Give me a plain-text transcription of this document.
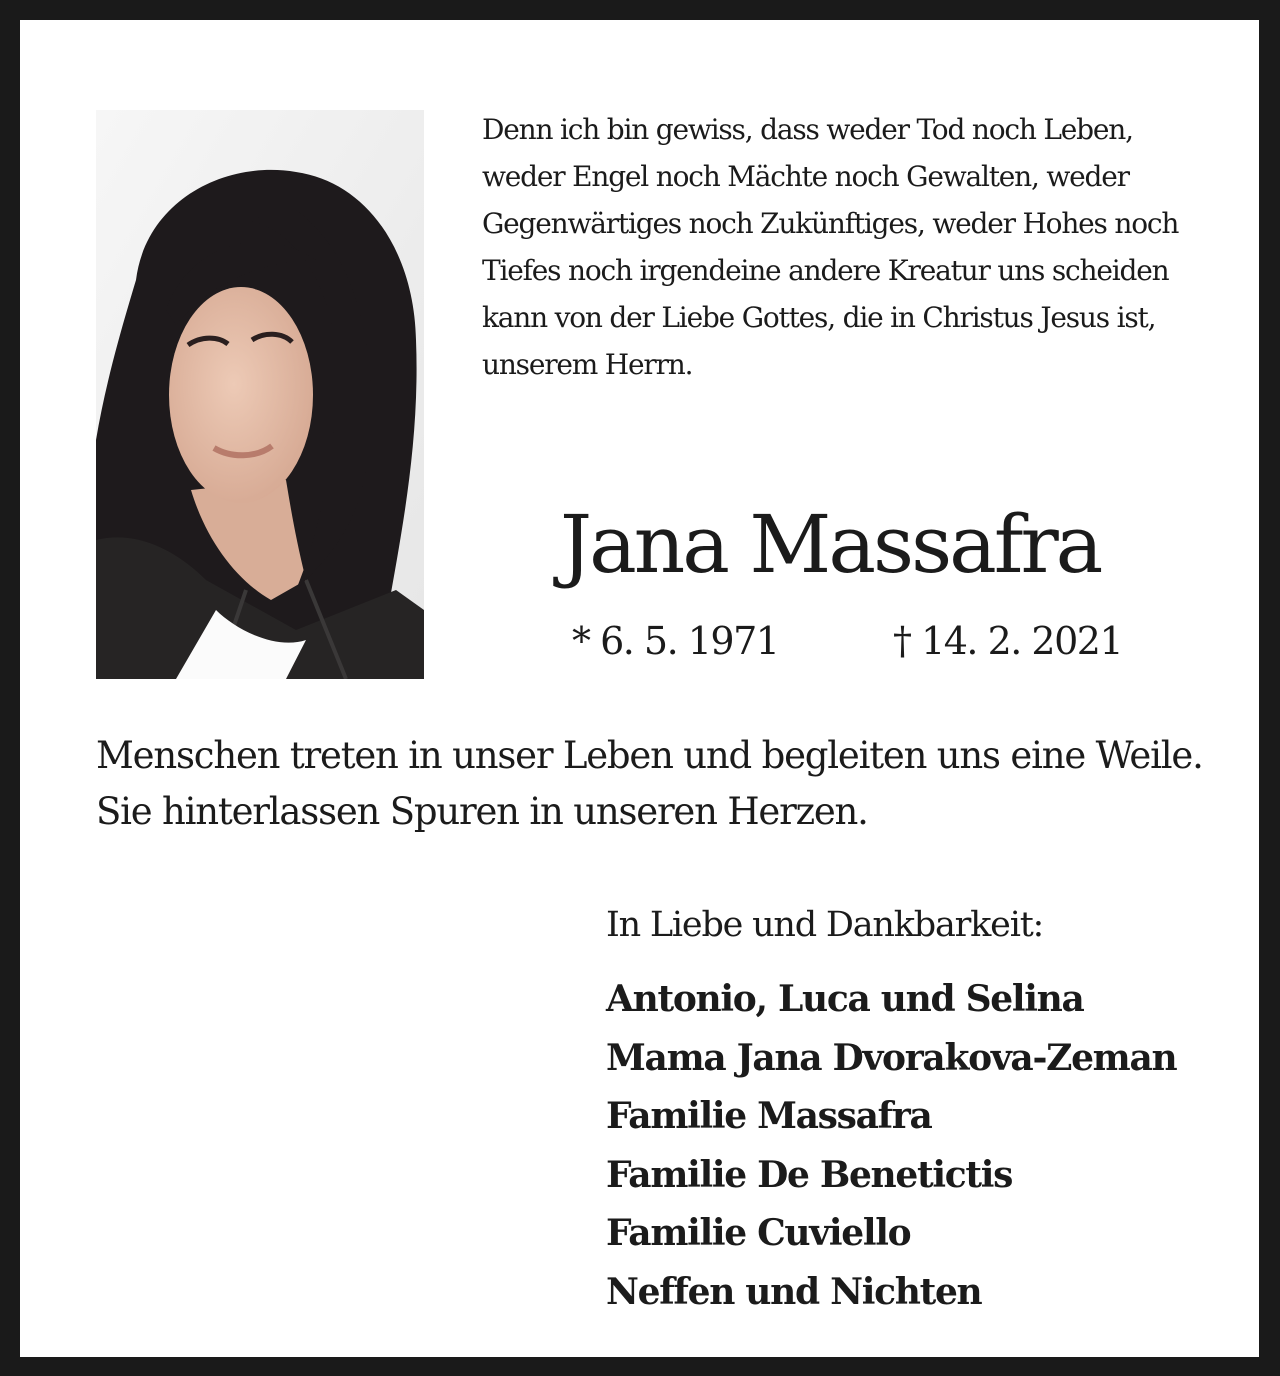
Denn ich bin gewiss, dass weder Tod noch Leben,
weder Engel noch Mächte noch Gewalten, weder
Gegenwärtiges noch Zukünftiges, weder Hohes noch
Tiefes noch irgendeine andere Kreatur uns scheiden
kann von der Liebe Gottes, die in Christus Jesus ist,
unserem Herrn.

Jana Massafra
* 6. 5. 1971	† 14. 2. 2021

Menschen treten in unser Leben und begleiten uns eine Weile.
Sie hinterlassen Spuren in unseren Herzen.

In Liebe und Dankbarkeit:

Antonio, Luca und Selina
Mama Jana Dvorakova-Zeman
Familie Massafra
Familie De Benetictis
Familie Cuviello
Neffen und Nichten
